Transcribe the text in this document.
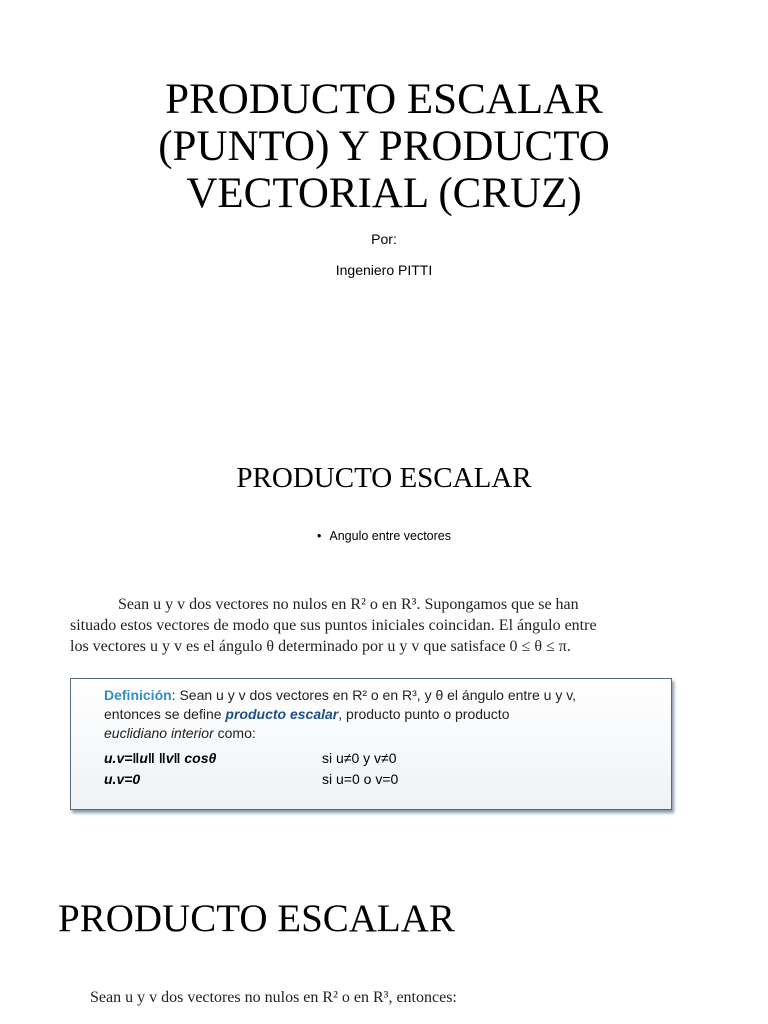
PRODUCTO ESCALAR
(PUNTO) Y PRODUCTO
VECTORIAL (CRUZ)
Por:
Ingeniero PITTI
PRODUCTO ESCALAR
• Angulo entre vectores
Sean u y v dos vectores no nulos en R² o en R³. Supongamos que se han
situado estos vectores de modo que sus puntos iniciales coincidan. El ángulo entre
los vectores u y v es el ángulo θ determinado por u y v que satisface 0 ≤ θ ≤ π.
Definición: Sean u y v dos vectores en R² o en R³, y θ el ángulo entre u y v,
entonces se define producto escalar, producto punto o producto
euclidiano interior como:
u.v=‖u‖ ‖v‖ cosθ	si u≠0 y v≠0
u.v=0	si u=0 o v=0
PRODUCTO ESCALAR
Sean u y v dos vectores no nulos en R² o en R³, entonces:
